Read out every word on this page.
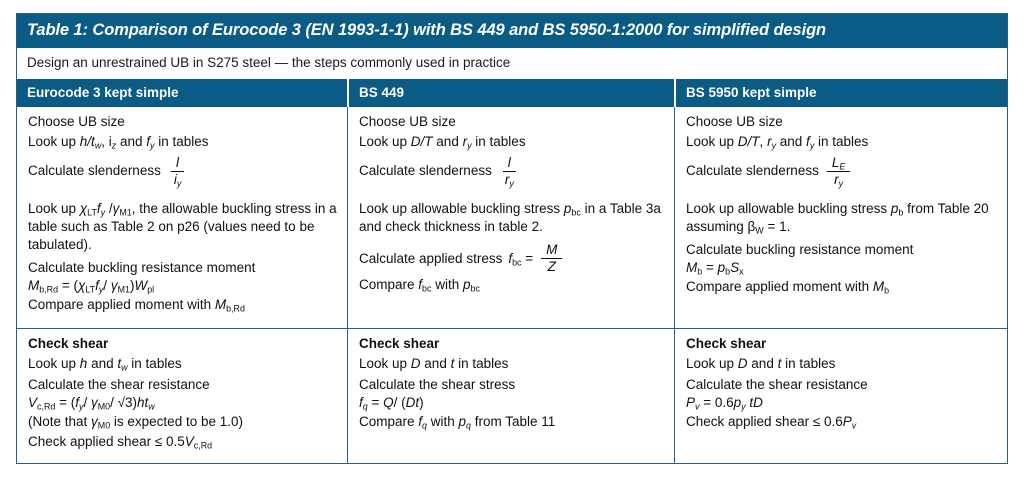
Table 1: Comparison of Eurocode 3 (EN 1993-1-1) with BS 449 and BS 5950-1:2000 for simplified design
Design an unrestrained UB in S275 steel — the steps commonly used in practice
Eurocode 3 kept simple	BS 449	BS 5950 kept simple

Choose UB size

Look up $h/t_w$, $i_z$ and $f_y$ in tables

Calculate slenderness $\frac{l}{i_y}$

Look up $\chi_{LT}f_y$ $/\gamma_{M1}$, the allowable buckling stress in a table such as Table 2 on p26 (values need to be tabulated).

Calculate buckling resistance moment

$M_{b,Rd} = (\chi_{LT}f_y/$ $\gamma_{M1})W_{pl}$

Compare applied moment with $M_{b,Rd}$

Choose UB size

Look up D/T and $r_y$ in tables

Calculate slenderness $\frac{l}{r_y}$

Look up allowable buckling stress $p_{bc}$ in a Table 3a and check thickness in table 2.

Calculate applied stress $f_{bc} = \frac{M}{Z}$

Compare $f_{bc}$ with $p_{bc}$

Choose UB size

Look up D/T, $r_y$ and $f_y$ in tables

Calculate slenderness $\frac{L_E}{r_y}$

Look up allowable buckling stress $p_b$ from Table 20 assuming $\beta_W = 1$.

Calculate buckling resistance moment

$M_b = p_bS_x$

Compare applied moment with $M_b$

Check shear

Look up h and $t_w$ in tables

Calculate the shear resistance

$V_{c,Rd} = (f_y/$ $\gamma_{M0}/$ $√3)ht_w$

(Note that $\gamma_{M0}$ is expected to be 1.0)

Check applied shear ≤ $0.5V_{c,Rd}$

Check shear

Look up D and t in tables

Calculate the shear stress

$f_q = Q/$ (Dt)

Compare $f_q$ with $p_q$ from Table 11

Check shear

Look up D and t in tables

Calculate the shear resistance

$P_v = 0.6p_y$ tD

Check applied shear ≤ $0.6P_v$
